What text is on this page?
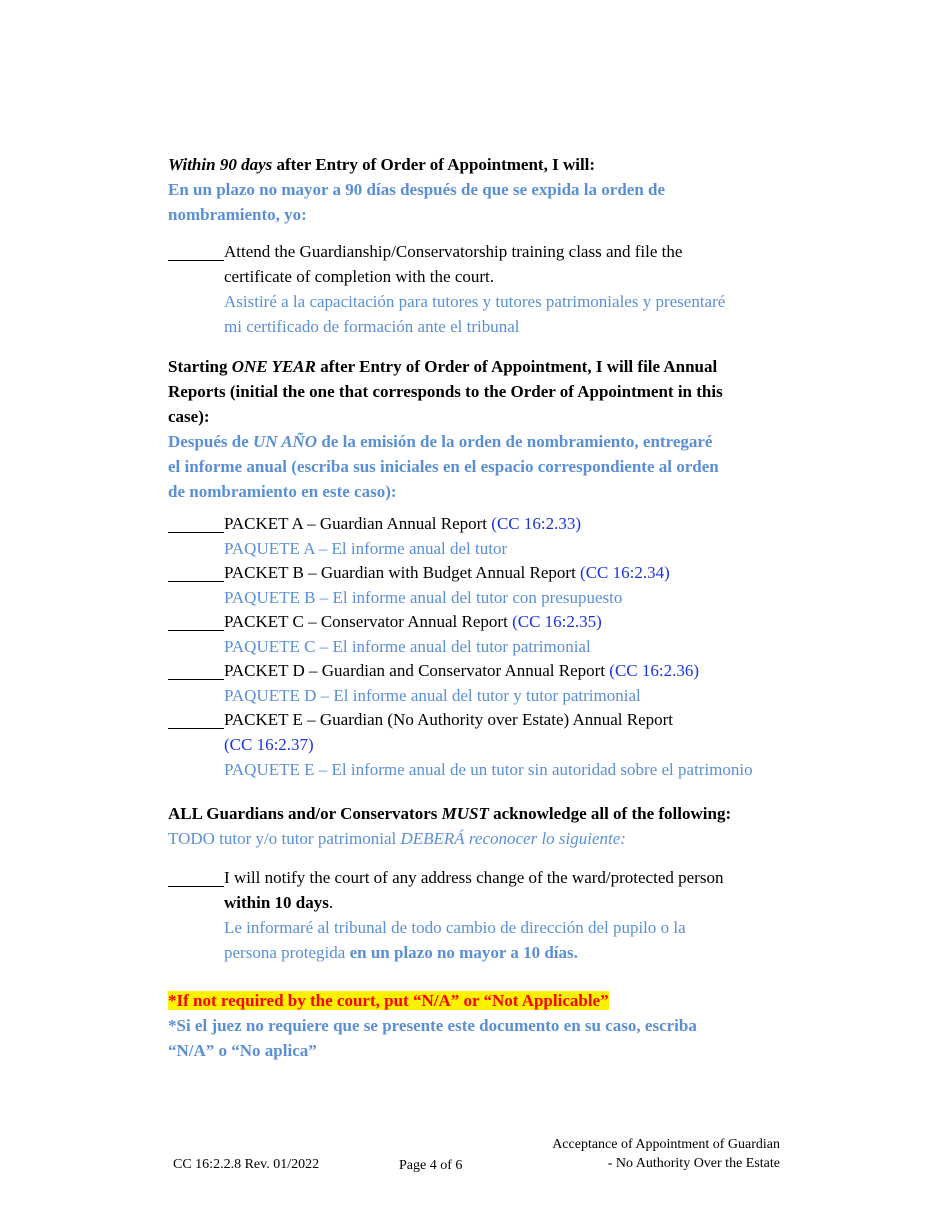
Within 90 days after Entry of Order of Appointment, I will:
En un plazo no mayor a 90 días después de que se expida la orden de
nombramiento, yo:
Attend the Guardianship/Conservatorship training class and file the
certificate of completion with the court.
Asistiré a la capacitación para tutores y tutores patrimoniales y presentaré
mi certificado de formación ante el tribunal
Starting ONE YEAR after Entry of Order of Appointment, I will file Annual
Reports (initial the one that corresponds to the Order of Appointment in this
case):
Después de UN AÑO de la emisión de la orden de nombramiento, entregaré
el informe anual (escriba sus iniciales en el espacio correspondiente al orden
de nombramiento en este caso):
PACKET A – Guardian Annual Report (CC 16:2.33)
PAQUETE A – El informe anual del tutor
PACKET B – Guardian with Budget Annual Report (CC 16:2.34)
PAQUETE B – El informe anual del tutor con presupuesto
PACKET C – Conservator Annual Report (CC 16:2.35)
PAQUETE C – El informe anual del tutor patrimonial
PACKET D – Guardian and Conservator Annual Report (CC 16:2.36)
PAQUETE D – El informe anual del tutor y tutor patrimonial
PACKET E – Guardian (No Authority over Estate) Annual Report
(CC 16:2.37)
PAQUETE E – El informe anual de un tutor sin autoridad sobre el patrimonio
ALL Guardians and/or Conservators MUST acknowledge all of the following:
TODO tutor y/o tutor patrimonial DEBERÁ reconocer lo siguiente:
I will notify the court of any address change of the ward/protected person
within 10 days.
Le informaré al tribunal de todo cambio de dirección del pupilo o la
persona protegida en un plazo no mayor a 10 días.
*If not required by the court, put “N/A” or “Not Applicable”
*Si el juez no requiere que se presente este documento en su caso, escriba
“N/A” o “No aplica”
CC 16:2.2.8 Rev. 01/2022	Page 4 of 6
Acceptance of Appointment of Guardian
- No Authority Over the Estate
